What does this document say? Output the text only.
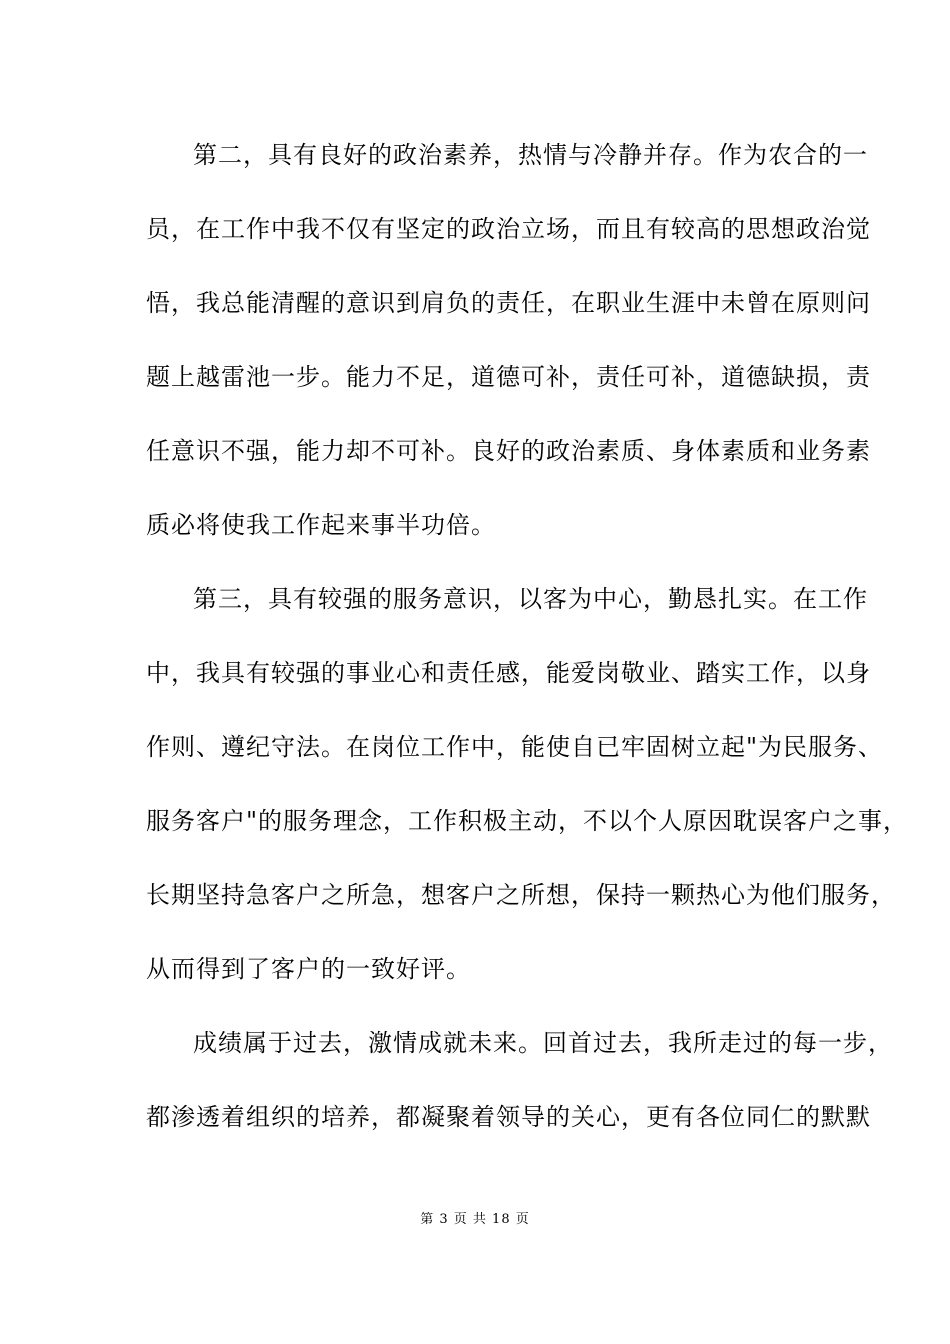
第二，具有良好的政治素养，热情与冷静并存。作为农合的一
员，在工作中我不仅有坚定的政治立场，而且有较高的思想政治觉
悟，我总能清醒的意识到肩负的责任，在职业生涯中未曾在原则问
题上越雷池一步。能力不足，道德可补，责任可补，道德缺损，责
任意识不强，能力却不可补。良好的政治素质、身体素质和业务素
质必将使我工作起来事半功倍。
第三，具有较强的服务意识，以客为中心，勤恳扎实。在工作
中，我具有较强的事业心和责任感，能爱岗敬业、踏实工作，以身
作则、遵纪守法。在岗位工作中，能使自已牢固树立起"为民服务、
服务客户"的服务理念，工作积极主动，不以个人原因耽误客户之事，
长期坚持急客户之所急，想客户之所想，保持一颗热心为他们服务，
从而得到了客户的一致好评。
成绩属于过去，激情成就未来。回首过去，我所走过的每一步，
都渗透着组织的培养，都凝聚着领导的关心，更有各位同仁的默默
第 3 页 共 18 页
